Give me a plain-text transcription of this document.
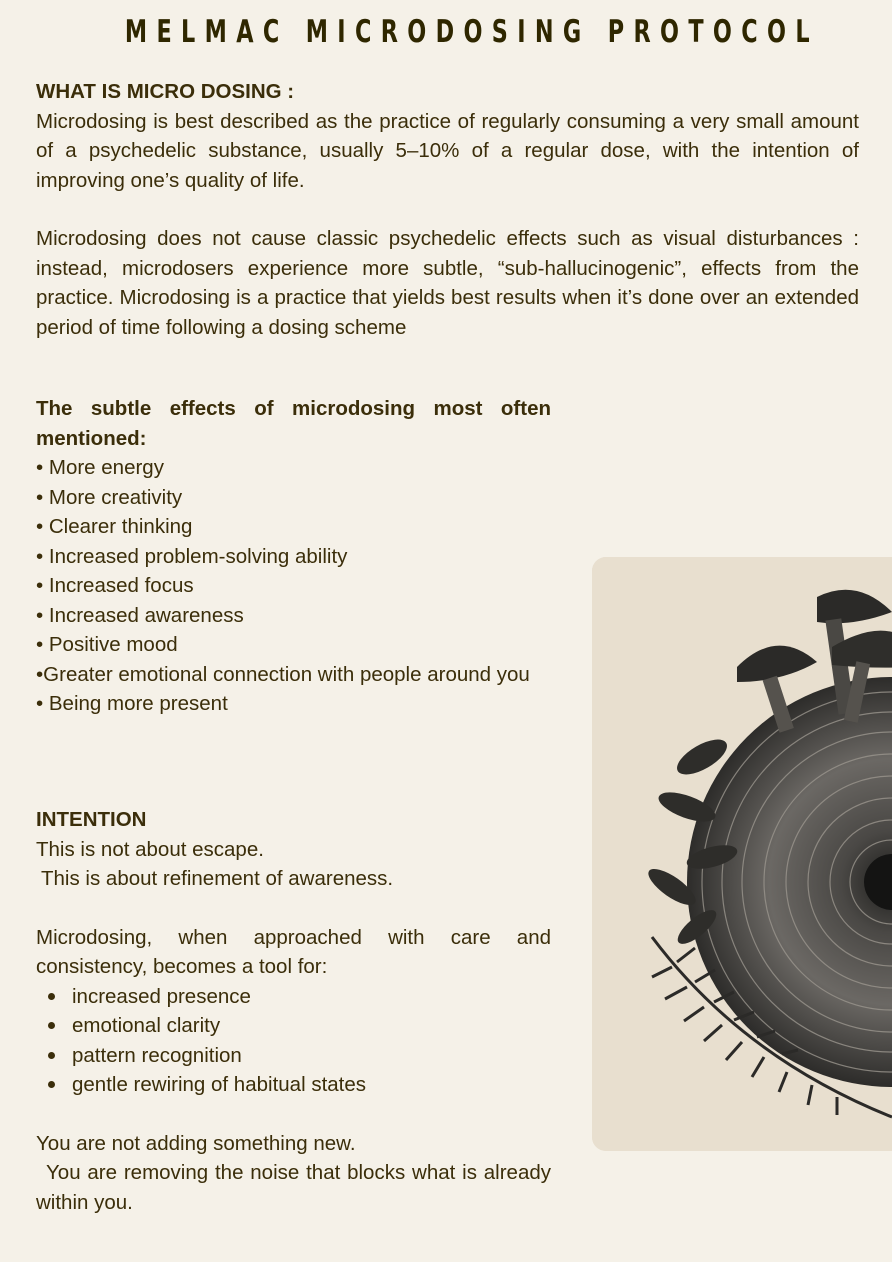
MELMAC MICRODOSING PROTOCOL
WHAT IS MICRO DOSING :
Microdosing is best described as the practice of regularly consuming a very small amount of a psychedelic substance, usually 5–10% of a regular dose, with the intention of improving one’s quality of life.
Microdosing does not cause classic psychedelic effects such as visual disturbances : instead, microdosers experience more subtle, “sub-hallucinogenic”, effects from the practice. Microdosing is a practice that yields best results when it’s done over an extended period of time following a dosing scheme
The subtle effects of microdosing most often mentioned:
• More energy
• More creativity
• Clearer thinking
• Increased problem-solving ability
• Increased focus
• Increased awareness
• Positive mood
•Greater emotional connection with people around you
• Being more present
INTENTION
This is not about escape.
This is about refinement of awareness.
Microdosing, when approached with care and consistency, becomes a tool for:
increased presence
emotional clarity
pattern recognition
gentle rewiring of habitual states
You are not adding something new.
You are removing the noise that blocks what is already within you.
